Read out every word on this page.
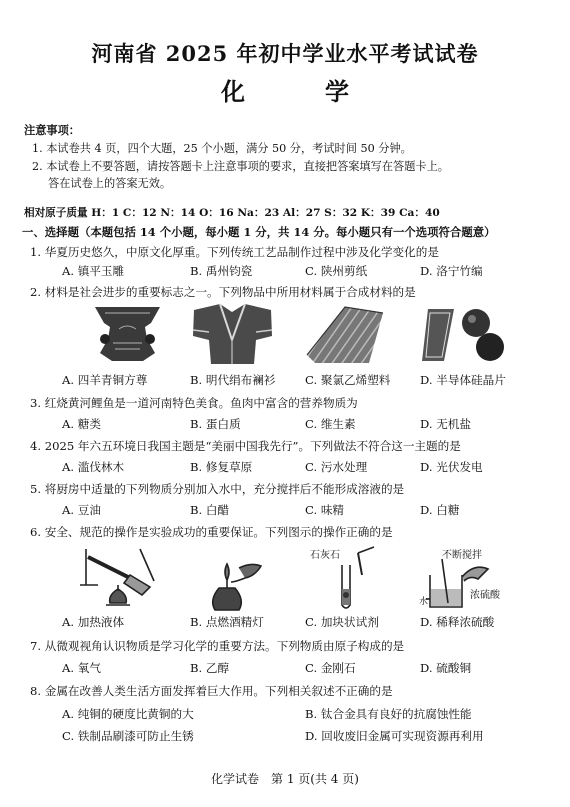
河南省 2025 年初中学业水平考试试卷
化　学
注意事项：
1. 本试卷共 4 页，四个大题，25 个小题，满分 50 分，考试时间 50 分钟。
2. 本试卷上不要答题，请按答题卡上注意事项的要求，直接把答案填写在答题卡上。
答在试卷上的答案无效。
相对原子质量 H：1 C：12 N：14 O：16 Na：23 Al：27 S：32 K：39 Ca：40
一、选择题（本题包括 14 个小题，每小题 1 分，共 14 分。每小题只有一个选项符合题意）
1. 华夏历史悠久，中原文化厚重。下列传统工艺品制作过程中涉及化学变化的是
A. 镇平玉雕	B. 禹州钧瓷	C. 陕州剪纸	D. 洛宁竹编
2. 材料是社会进步的重要标志之一。下列物品中所用材料属于合成材料的是
A. 四羊青铜方尊	B. 明代绢布襕衫	C. 聚氯乙烯塑料	D. 半导体硅晶片
3. 红烧黄河鲤鱼是一道河南特色美食。鱼肉中富含的营养物质为
A. 糖类	B. 蛋白质	C. 维生素	D. 无机盐
4. 2025 年六五环境日我国主题是“美丽中国我先行”。下列做法不符合这一主题的是
A. 滥伐林木	B. 修复草原	C. 污水处理	D. 光伏发电
5. 将厨房中适量的下列物质分别加入水中，充分搅拌后不能形成溶液的是
A. 豆油	B. 白醋	C. 味精	D. 白糖
6. 安全、规范的操作是实验成功的重要保证。下列图示的操作正确的是
石灰石	不断搅拌
水
浓硫酸
A. 加热液体	B. 点燃酒精灯	C. 加块状试剂	D. 稀释浓硫酸
7. 从微观视角认识物质是学习化学的重要方法。下列物质由原子构成的是
A. 氧气	B. 乙醇	C. 金刚石	D. 硫酸铜
8. 金属在改善人类生活方面发挥着巨大作用。下列相关叙述不正确的是
A. 纯铜的硬度比黄铜的大	B. 钛合金具有良好的抗腐蚀性能
C. 铁制品刷漆可防止生锈	D. 回收废旧金属可实现资源再利用
化学试卷　第 1 页(共 4 页)
